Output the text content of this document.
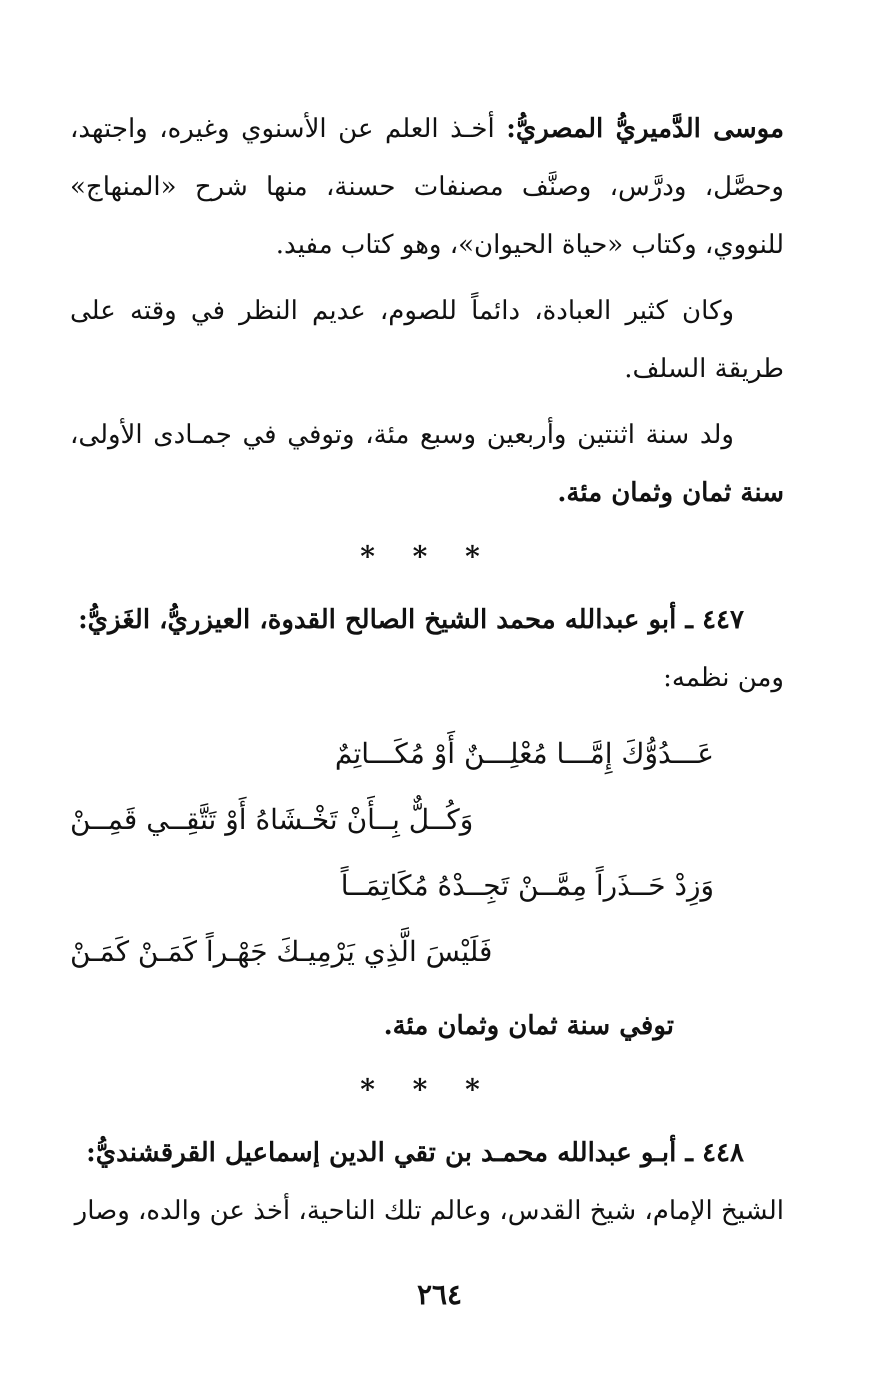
موسى الدَّميريُّ المصريُّ: أخـذ العلم عن الأسنوي وغيره، واجتهد، وحصَّل، ودرَّس، وصنَّف مصنفات حسنة، منها شرح «المنهاج» للنووي، وكتاب «حياة الحيوان»، وهو كتاب مفيد.

وكان كثير العبادة، دائماً للصوم، عديم النظر في وقته على طريقة السلف.

ولد سنة اثنتين وأربعين وسبع مئة، وتوفي في جمـادى الأولى، سنة ثمان وثمان مئة.

* * *

٤٤٧ ـ أبو عبدالله محمد الشيخ الصالح القدوة، العيزريُّ، الغَزيُّ:

ومن نظمه:

عَـــدُوُّكَ إِمَّـــا مُعْلِـــنٌ أَوْ مُكَـــاتِمٌ

وَكُــلٌّ بِــأَنْ تَخْـشَاهُ أَوْ تَتَّقِــي قَمِــنْ

وَزِدْ حَــذَراً مِمَّــنْ تَجِــدْهُ مُكَاتِمَــاً

فَلَيْسَ الَّذِي يَرْمِيـكَ جَهْـراً كَمَـنْ كَمَـنْ

توفي سنة ثمان وثمان مئة.

* * *

٤٤٨ ـ أبـو عبدالله محمـد بن تقي الدين إسماعيل القرقشنديُّ:

الشيخ الإمام، شيخ القدس، وعالم تلك الناحية، أخذ عن والده، وصار

٢٦٤
